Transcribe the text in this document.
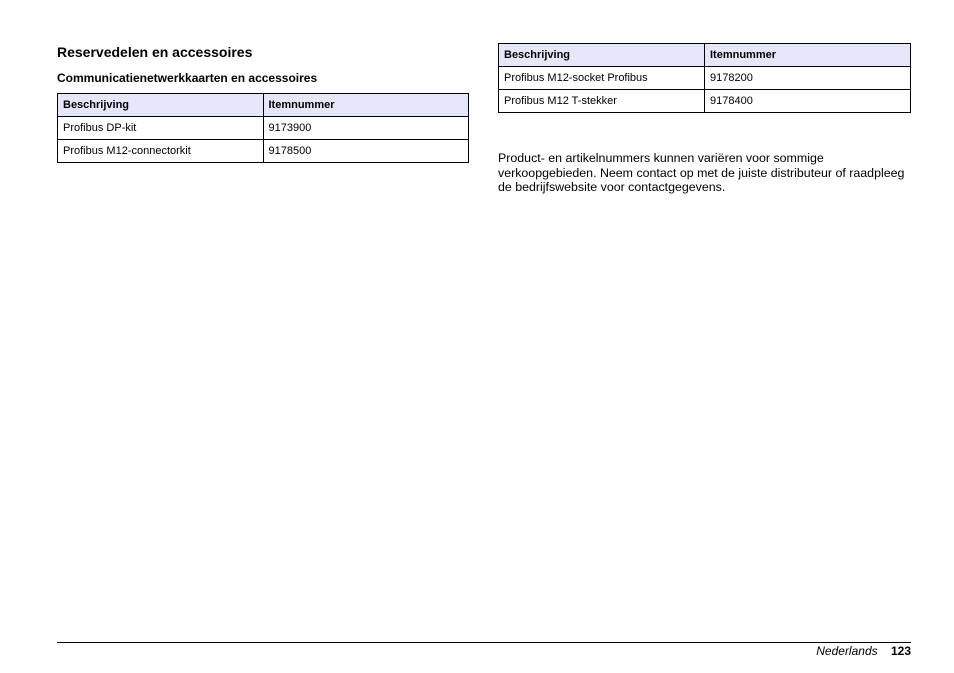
Reservedelen en accessoires
Communicatienetwerkkaarten en accessoires
Beschrijving	Itemnummer
Profibus DP-kit	9173900
Profibus M12-connectorkit	9178500
Beschrijving	Itemnummer
Profibus M12-socket Profibus	9178200
Profibus M12 T-stekker	9178400

Product- en artikelnummers kunnen variëren voor sommige verkoopgebieden. Neem contact op met de juiste distributeur of raadpleeg de bedrijfswebsite voor contactgegevens.

Nederlands 123
